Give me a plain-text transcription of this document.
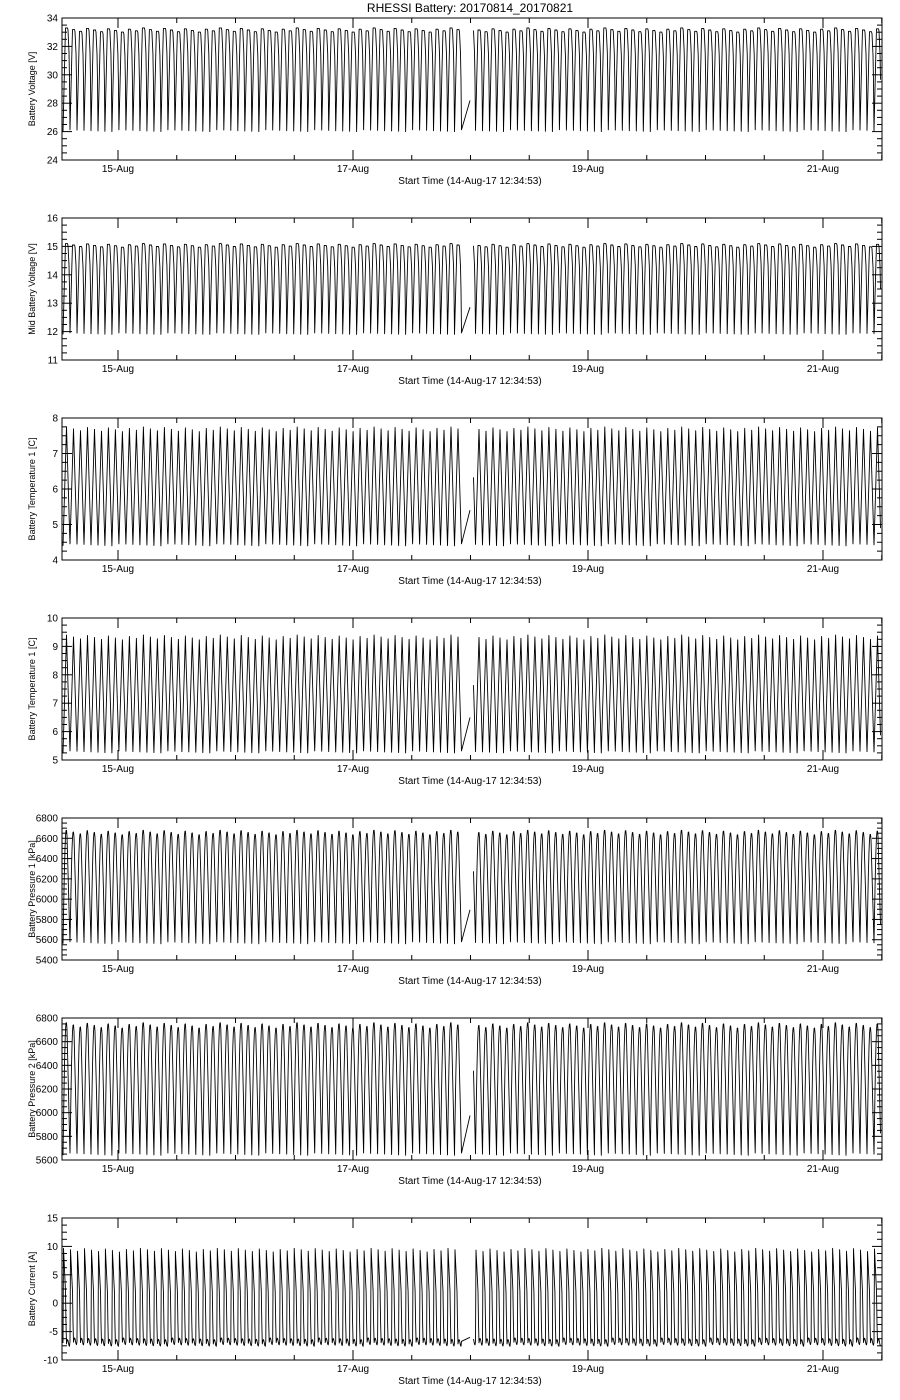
RHESSI Battery: 20170814_20170821
24
26
28
30
32
34
15-Aug	17-Aug	19-Aug	21-Aug
Start Time (14-Aug-17 12:34:53)
Battery Voltage [V]
11
12
13
14
15
16
15-Aug	17-Aug	19-Aug	21-Aug
Start Time (14-Aug-17 12:34:53)
Mid Battery Voltage [V]
4
5
6
7
8
15-Aug	17-Aug	19-Aug	21-Aug
Start Time (14-Aug-17 12:34:53)
Battery Temperature 1 [C]
5
6
7
8
9
10
15-Aug	17-Aug	19-Aug	21-Aug
Start Time (14-Aug-17 12:34:53)
Battery Temperature 1 [C]
5400
5600
5800
6000
6200
6400
6600
6800
15-Aug	17-Aug	19-Aug	21-Aug
Start Time (14-Aug-17 12:34:53)
Battery Pressure 1 [kPa]
5600
5800
6000
6200
6400
6600
6800
15-Aug	17-Aug	19-Aug	21-Aug
Start Time (14-Aug-17 12:34:53)
Battery Pressure 2 [kPa]
-10
-5
0
5
10
15
15-Aug	17-Aug	19-Aug	21-Aug
Start Time (14-Aug-17 12:34:53)
Battery Current [A]
